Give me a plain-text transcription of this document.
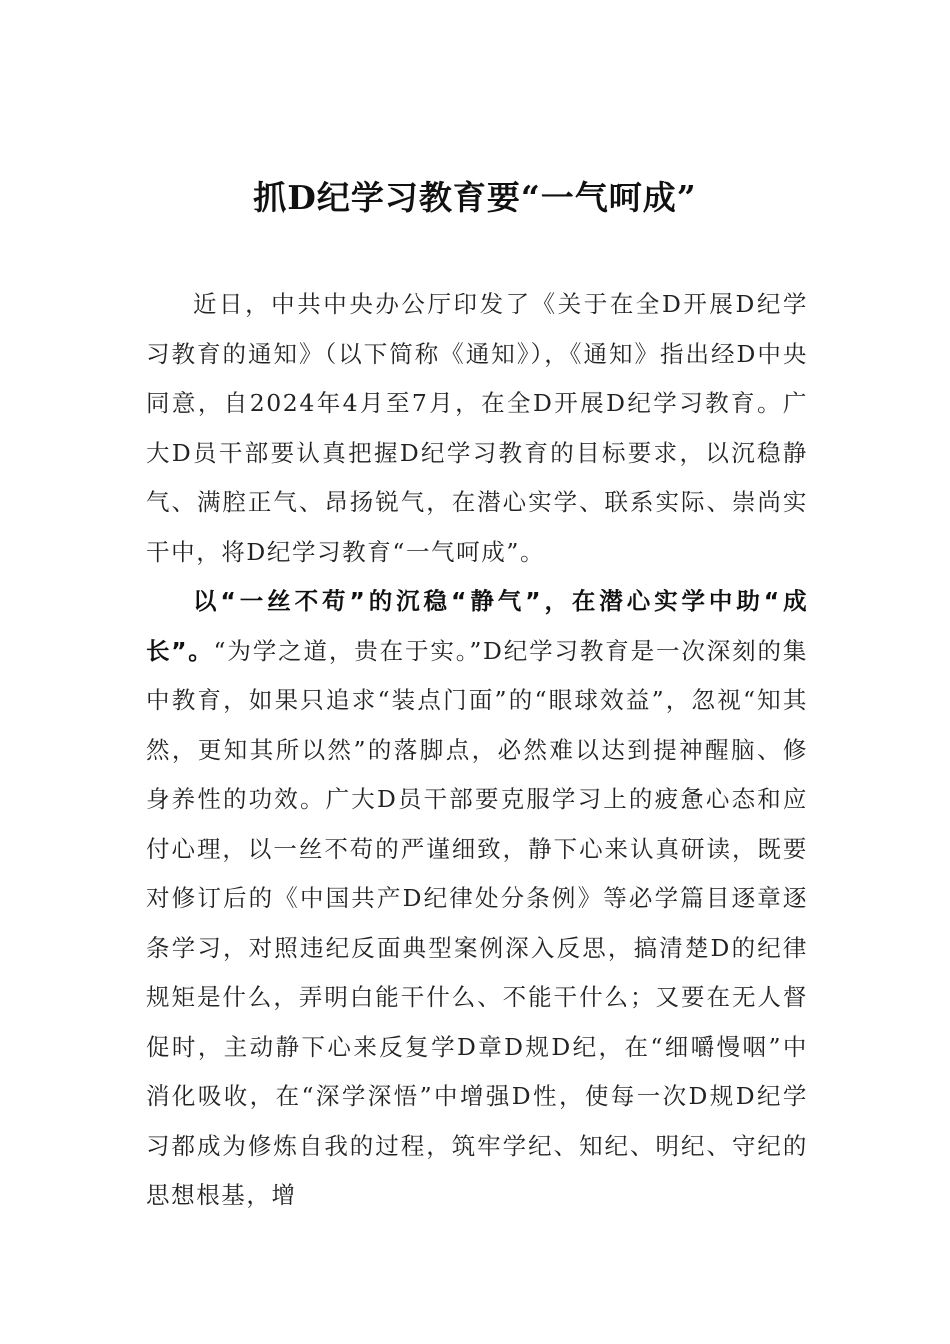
抓D纪学习教育要“一气呵成”

近日，中共中央办公厅印发了《关于在全D开展D纪学习教育的通知》（以下简称《通知》），《通知》指出经D中央同意，自2024年4月至7月，在全D开展D纪学习教育。广大D员干部要认真把握D纪学习教育的目标要求，以沉稳静气、满腔正气、昂扬锐气，在潜心实学、联系实际、崇尚实干中，将D纪学习教育“一气呵成”。

以“一丝不苟”的沉稳“静气”，在潜心实学中助“成长”。“为学之道，贵在于实。”D纪学习教育是一次深刻的集中教育，如果只追求“装点门面”的“眼球效益”，忽视“知其然，更知其所以然”的落脚点，必然难以达到提神醒脑、修身养性的功效。广大D员干部要克服学习上的疲惫心态和应付心理，以一丝不苟的严谨细致，静下心来认真研读，既要对修订后的《中国共产D纪律处分条例》等必学篇目逐章逐条学习，对照违纪反面典型案例深入反思，搞清楚D的纪律规矩是什么，弄明白能干什么、不能干什么；又要在无人督促时，主动静下心来反复学D章D规D纪，在“细嚼慢咽”中消化吸收，在“深学深悟”中增强D性，使每一次D规D纪学习都成为修炼自我的过程，筑牢学纪、知纪、明纪、守纪的思想根基，增
